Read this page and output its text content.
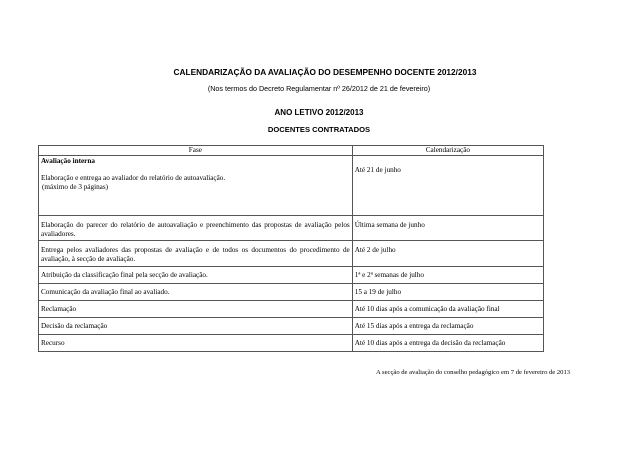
CALENDARIZAÇÃO DA AVALIAÇÃO DO DESEMPENHO DOCENTE 2012/2013
(Nos termos do Decreto Regulamentar nº 26/2012 de 21 de fevereiro)
ANO LETIVO 2012/2013
DOCENTES CONTRATADOS
Fase	Calendarização

Avaliação interna
Elaboração e entrega ao avaliador do relatório de autoavaliação.
(máximo de 3 páginas)	Até 21 de junho

Elaboração do parecer do relatório de autoavaliação e preenchimento das propostas de avaliação pelos avaliadores.	Última semana de junho
Entrega pelos avaliadores das propostas de avaliação e de todos os documentos do procedimento de avaliação, à secção de avaliação.	Até 2 de julho
Atribuição da classificação final pela secção de avaliação.	1ª e 2ª semanas de julho
Comunicação da avaliação final ao avaliado.	15 a 19 de julho
Reclamação	Até 10 dias após a comunicação da avaliação final
Decisão da reclamação	Até 15 dias após a entrega da reclamação
Recurso	Até 10 dias após a entrega da decisão da reclamação
A secção de avaliação do conselho pedagógico em 7 de fevereiro de 2013
